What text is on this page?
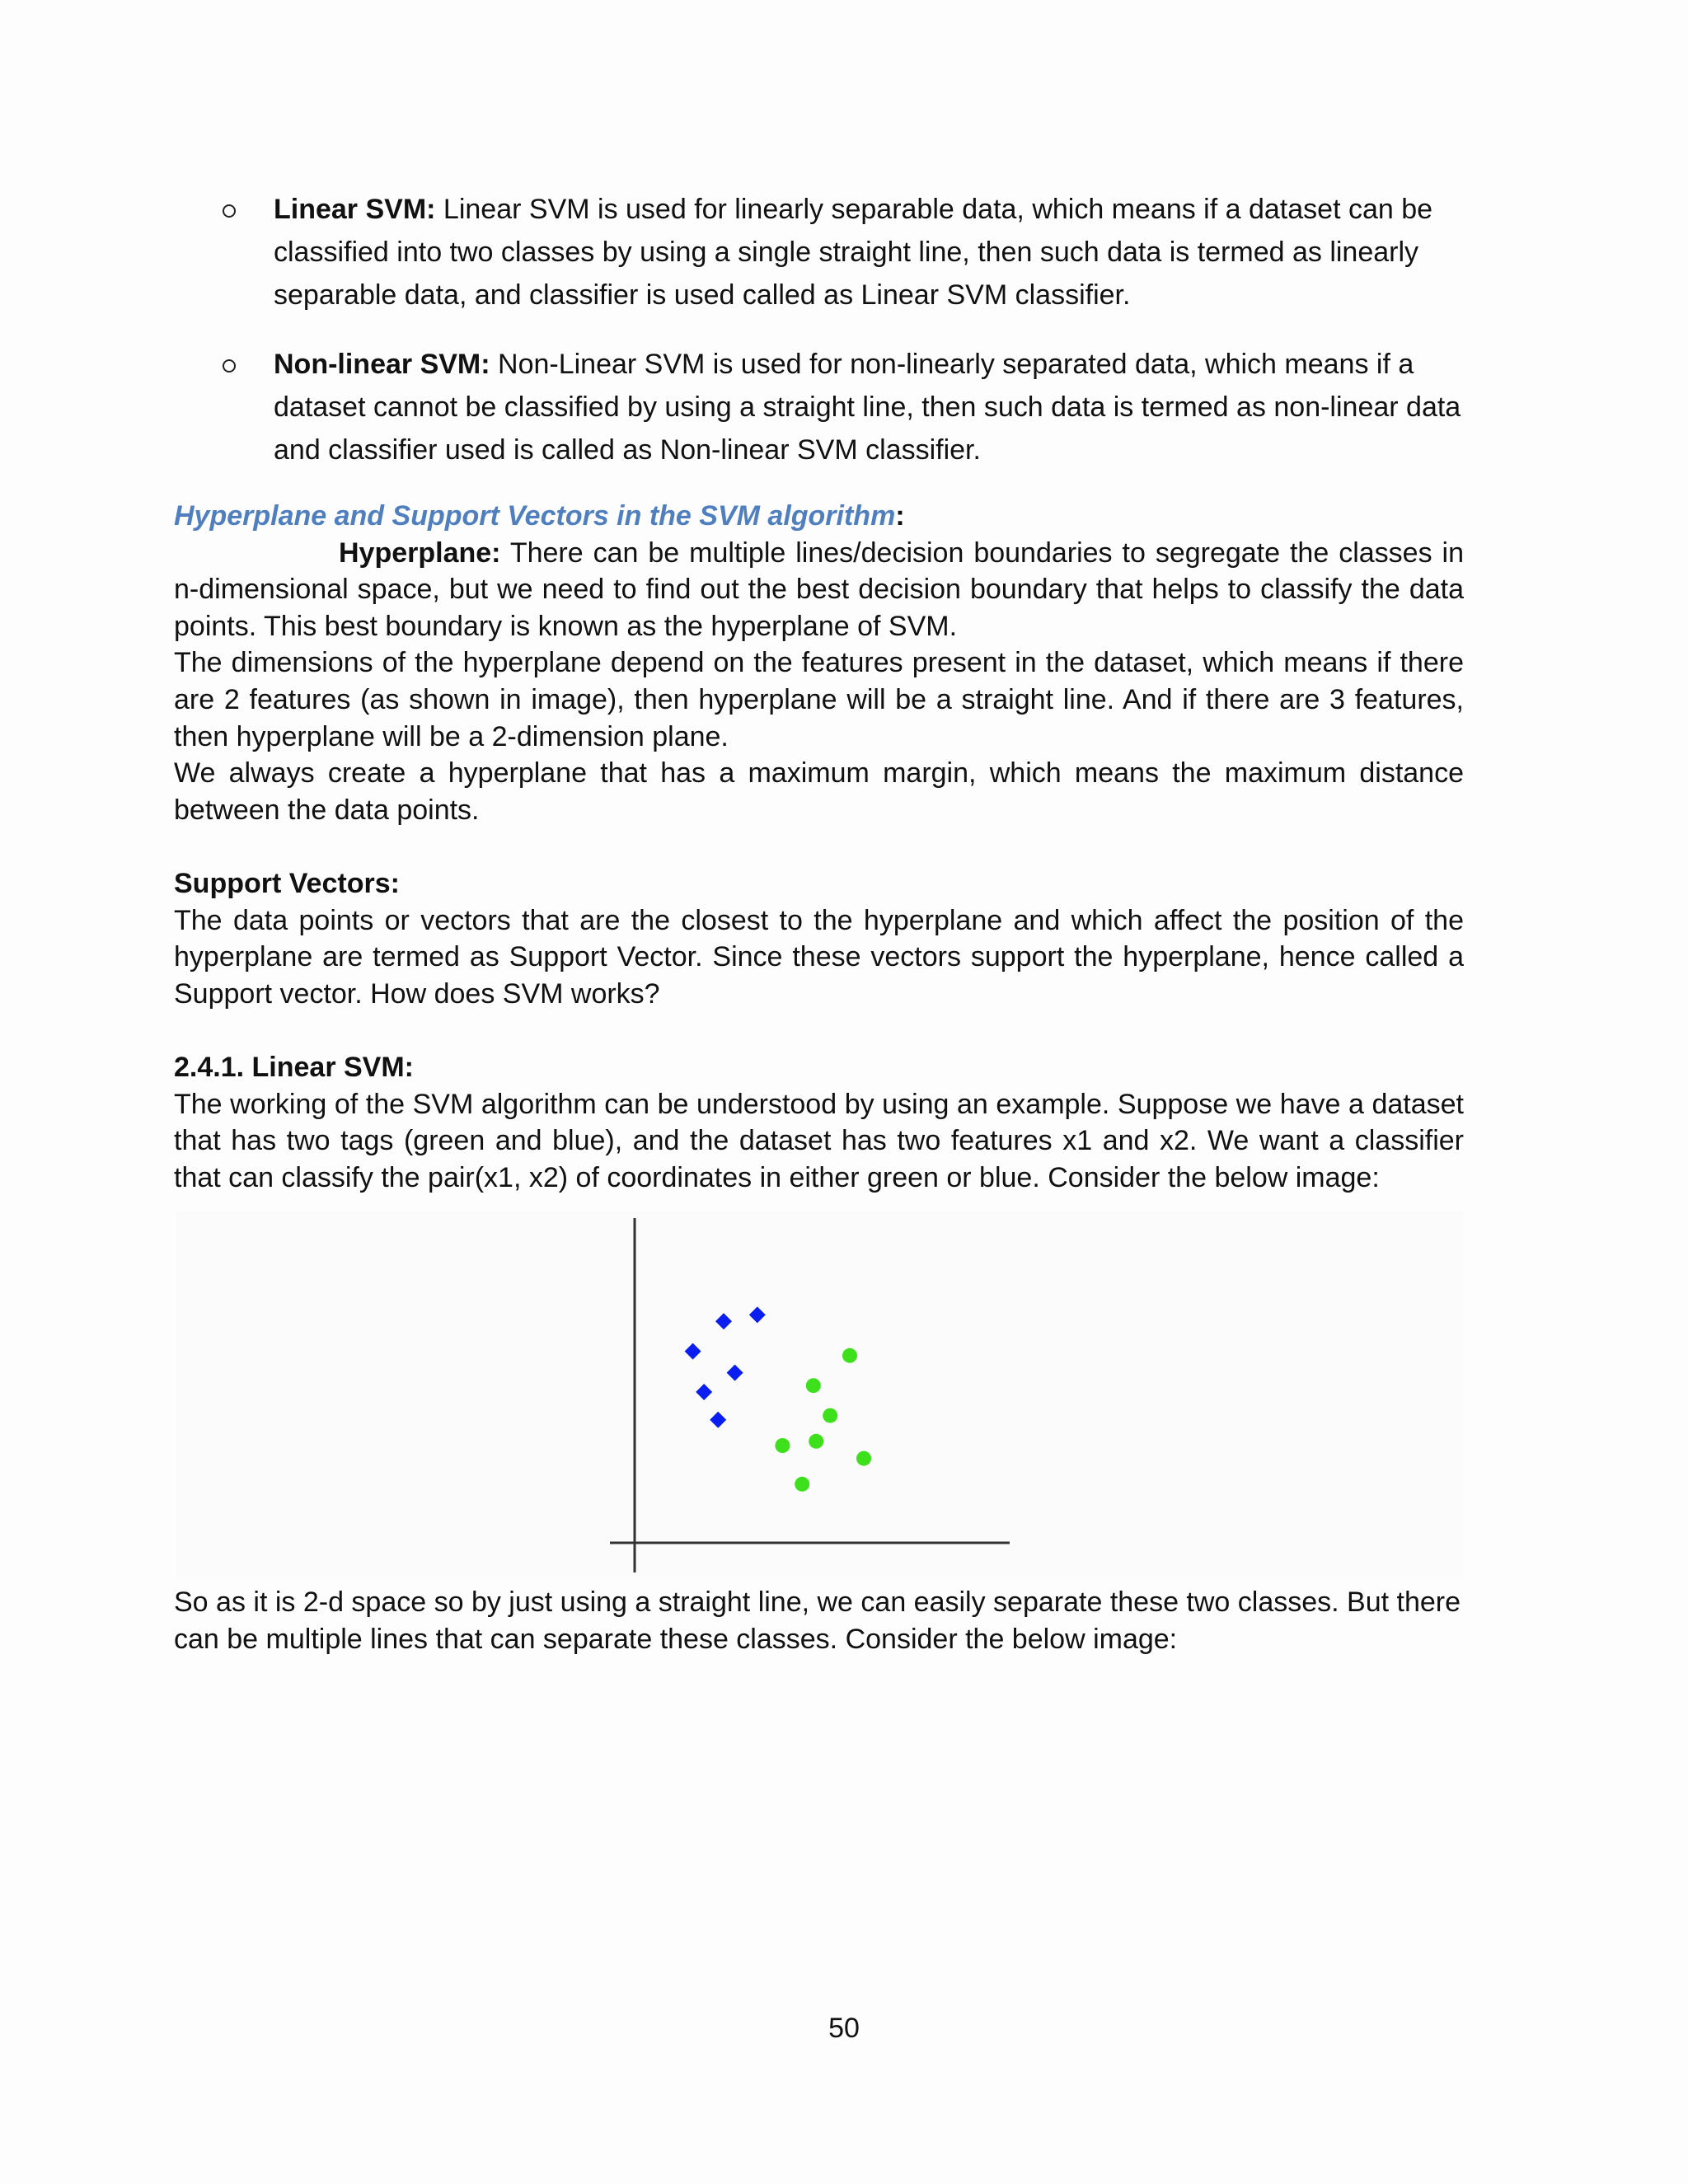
Linear SVM: Linear SVM is used for linearly separable data, which means if a dataset can be classified into two classes by using a single straight line, then such data is termed as linearly separable data, and classifier is used called as Linear SVM classifier.
Non-linear SVM: Non-Linear SVM is used for non-linearly separated data, which means if a dataset cannot be classified by using a straight line, then such data is termed as non-linear data and classifier used is called as Non-linear SVM classifier.

Hyperplane and Support Vectors in the SVM algorithm:

Hyperplane: There can be multiple lines/decision boundaries to segregate the classes in n-dimensional space, but we need to find out the best decision boundary that helps to classify the data points. This best boundary is known as the hyperplane of SVM.

The dimensions of the hyperplane depend on the features present in the dataset, which means if there are 2 features (as shown in image), then hyperplane will be a straight line. And if there are 3 features, then hyperplane will be a 2-dimension plane.

We always create a hyperplane that has a maximum margin, which means the maximum distance between the data points.

Support Vectors:

The data points or vectors that are the closest to the hyperplane and which affect the position of the hyperplane are termed as Support Vector. Since these vectors support the hyperplane, hence called a Support vector. How does SVM works?

2.4.1. Linear SVM:

The working of the SVM algorithm can be understood by using an example. Suppose we have a dataset that has two tags (green and blue), and the dataset has two features x1 and x2. We want a classifier that can classify the pair(x1, x2) of coordinates in either green or blue. Consider the below image:

So as it is 2-d space so by just using a straight line, we can easily separate these two classes. But there can be multiple lines that can separate these classes. Consider the below image:

50
